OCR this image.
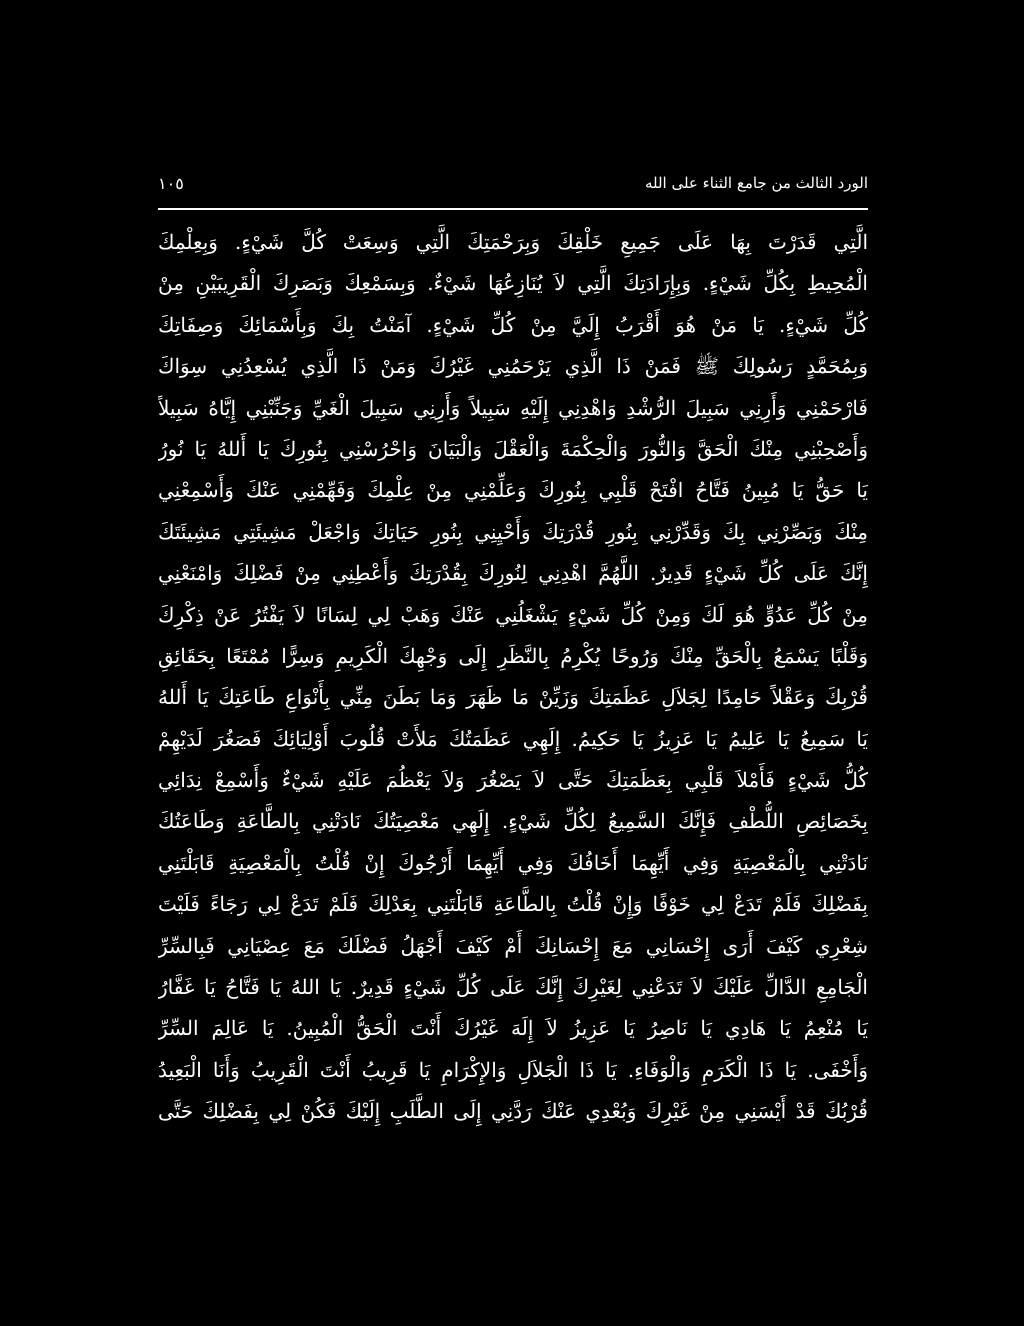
الورد الثالث من جامع الثناء على الله
١٠٥
الَّتِي قَدَرْتَ بِهَا عَلَى جَمِيعِ خَلْقِكَ وَبِرَحْمَتِكَ الَّتِي وَسِعَتْ كُلَّ شَيْءٍ. وَبِعِلْمِكَ
الْمُحِيطِ بِكُلِّ شَيْءٍ. وَبِإِرَادَتِكَ الَّتِي لاَ يُنَازِعُهَا شَيْءٌ. وَبِسَمْعِكَ وَبَصَرِكَ الْقَرِيبَيْنِ مِنْ
كُلِّ شَيْءٍ. يَا مَنْ هُوَ أَقْرَبُ إِلَيَّ مِنْ كُلِّ شَيْءٍ. آمَنْتُ بِكَ وَبِأَسْمَائِكَ وَصِفَاتِكَ
وَبِمُحَمَّدٍ رَسُولِكَ ﷺ فَمَنْ ذَا الَّذِي يَرْحَمُنِي غَيْرُكَ وَمَنْ ذَا الَّذِي يُسْعِدُنِي سِوَاكَ
فَارْحَمْنِي وَأَرِنِي سَبِيلَ الرُّشْدِ وَاهْدِنِي إِلَيْهِ سَبِيلاً وَأَرِنِي سَبِيلَ الْغَيِّ وَجَنِّبْنِي إِيَّاهُ سَبِيلاً
وَأَصْحِبْنِي مِنْكَ الْحَقَّ وَالنُّورَ وَالْحِكْمَةَ وَالْعَقْلَ وَالْبَيَانَ وَاحْرُسْنِي بِنُورِكَ يَا أَللهُ يَا نُورُ
يَا حَقُّ يَا مُبِينُ فَتَّاحُ افْتَحْ قَلْبِي بِنُورِكَ وَعَلِّمْنِي مِنْ عِلْمِكَ وَفَهِّمْنِي عَنْكَ وَأَسْمِعْنِي
مِنْكَ وَبَصِّرْنِي بِكَ وَقَدِّرْنِي بِنُورِ قُدْرَتِكَ وَأَحْيِنِي بِنُورِ حَيَاتِكَ وَاجْعَلْ مَشِيئَتِي مَشِيئَتَكَ
إِنَّكَ عَلَى كُلِّ شَيْءٍ قَدِيرٌ. اللَّهُمَّ اهْدِنِي لِنُورِكَ بِقُدْرَتِكَ وَأَعْطِنِي مِنْ فَضْلِكَ وَامْنَعْنِي
مِنْ كُلِّ عَدُوٍّ هُوَ لَكَ وَمِنْ كُلِّ شَيْءٍ يَشْغَلُنِي عَنْكَ وَهَبْ لِي لِسَانًا لاَ يَفْتُرُ عَنْ ذِكْرِكَ
وَقَلْبًا يَسْمَعُ بِالْحَقِّ مِنْكَ وَرُوحًا يُكْرِمُ بِالنَّظَرِ إِلَى وَجْهِكَ الْكَرِيمِ وَسِرًّا مُمْتَعًا بِحَقَائِقِ
قُرْبِكَ وَعَقْلاً حَامِدًا لِجَلاَلِ عَظَمَتِكَ وَزَيِّنْ مَا ظَهَرَ وَمَا بَطَنَ مِنِّي بِأَنْوَاعِ طَاعَتِكَ يَا أَللهُ
يَا سَمِيعُ يَا عَلِيمُ يَا عَزِيزُ يَا حَكِيمُ. إِلَهِي عَظَمَتُكَ مَلأَتْ قُلُوبَ أَوْلِيَائِكَ فَصَغُرَ لَدَيْهِمْ
كُلُّ شَيْءٍ فَأَمْلاَ قَلْبِي بِعَظَمَتِكَ حَتَّى لاَ يَصْغُرَ وَلاَ يَعْظُمَ عَلَيْهِ شَيْءٌ وَأَسْمِعْ نِدَائِي
بِخَصَائِصِ اللُّطْفِ فَإِنَّكَ السَّمِيعُ لِكُلِّ شَيْءٍ. إِلَهِي مَعْصِيَتُكَ نَادَتْنِي بِالطَّاعَةِ وَطَاعَتُكَ
نَادَتْنِي بِالْمَعْصِيَةِ وَفِي أَيِّهِمَا أَخَافُكَ وَفِي أَيِّهِمَا أَرْجُوكَ إِنْ قُلْتُ بِالْمَعْصِيَةِ قَابَلْتَنِي
بِفَضْلِكَ فَلَمْ تَدَعْ لِي خَوْفًا وَإِنْ قُلْتُ بِالطَّاعَةِ قَابَلْتَنِي بِعَدْلِكَ فَلَمْ تَدَعْ لِي رَجَاءً فَلَيْتَ
شِعْرِي كَيْفَ أَرَى إِحْسَانِي مَعَ إِحْسَانِكَ أَمْ كَيْفَ أَجْهَلُ فَضْلَكَ مَعَ عِصْيَانِي فَبِالسِّرِّ
الْجَامِعِ الدَّالِّ عَلَيْكَ لاَ تَدَعْنِي لِغَيْرِكَ إِنَّكَ عَلَى كُلِّ شَيْءٍ قَدِيرٌ. يَا اللهُ يَا فَتَّاحُ يَا غَفَّارُ
يَا مُنْعِمُ يَا هَادِي يَا نَاصِرُ يَا عَزِيزُ لاَ إِلَهَ غَيْرُكَ أَنْتَ الْحَقُّ الْمُبِينُ. يَا عَالِمَ السِّرِّ
وَأَخْفَى. يَا ذَا الْكَرَمِ وَالْوَفَاءِ. يَا ذَا الْجَلاَلِ وَالإِكْرَامِ يَا قَرِيبُ أَنْتَ الْقَرِيبُ وَأَنَا الْبَعِيدُ
قُرْبُكَ قَدْ أَيْسَنِي مِنْ غَيْرِكَ وَبُعْدِي عَنْكَ رَدَّنِي إِلَى الطَّلَبِ إِلَيْكَ فَكُنْ لِي بِفَضْلِكَ حَتَّى
